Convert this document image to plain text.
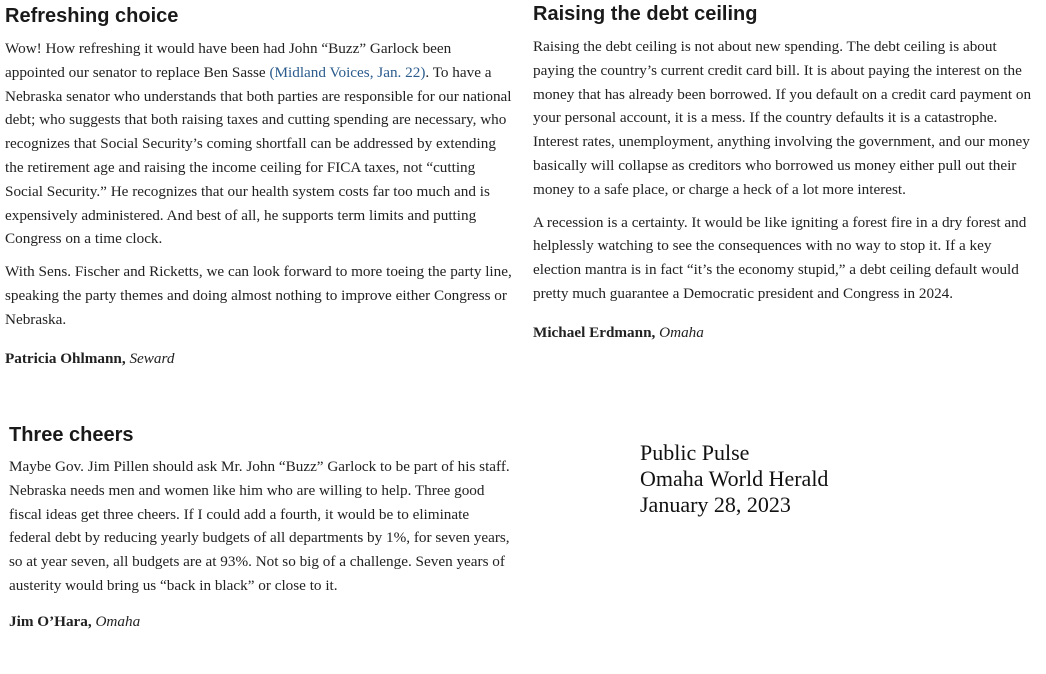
Refreshing choice

Wow! How refreshing it would have been had John “Buzz” Garlock been appointed our senator to replace Ben Sasse (Midland Voices, Jan. 22). To have a Nebraska senator who understands that both parties are responsible for our national debt; who suggests that both raising taxes and cutting spending are necessary, who recognizes that Social Security’s coming shortfall can be addressed by extending the retirement age and raising the income ceiling for FICA taxes, not “cutting Social Security.” He recognizes that our health system costs far too much and is expensively administered. And best of all, he supports term limits and putting Congress on a time clock.

With Sens. Fischer and Ricketts, we can look forward to more toeing the party line, speaking the party themes and doing almost nothing to improve either Congress or Nebraska.

Patricia Ohlmann, Seward

Raising the debt ceiling

Raising the debt ceiling is not about new spending. The debt ceiling is about paying the country’s current credit card bill. It is about paying the interest on the money that has already been borrowed. If you default on a credit card payment on your personal account, it is a mess. If the country defaults it is a catastrophe. Interest rates, unemployment, anything involving the government, and our money basically will collapse as creditors who borrowed us money either pull out their money to a safe place, or charge a heck of a lot more interest.

A recession is a certainty. It would be like igniting a forest fire in a dry forest and helplessly watching to see the consequences with no way to stop it. If a key election mantra is in fact “it’s the economy stupid,” a debt ceiling default would pretty much guarantee a Democratic president and Congress in 2024.

Michael Erdmann, Omaha

Three cheers

Maybe Gov. Jim Pillen should ask Mr. John “Buzz” Garlock to be part of his staff. Nebraska needs men and women like him who are willing to help. Three good fiscal ideas get three cheers. If I could add a fourth, it would be to eliminate federal debt by reducing yearly budgets of all departments by 1%, for seven years, so at year seven, all budgets are at 93%. Not so big of a challenge. Seven years of austerity would bring us “back in black” or close to it.

Jim O’Hara, Omaha

Public Pulse
Omaha World Herald
January 28, 2023
